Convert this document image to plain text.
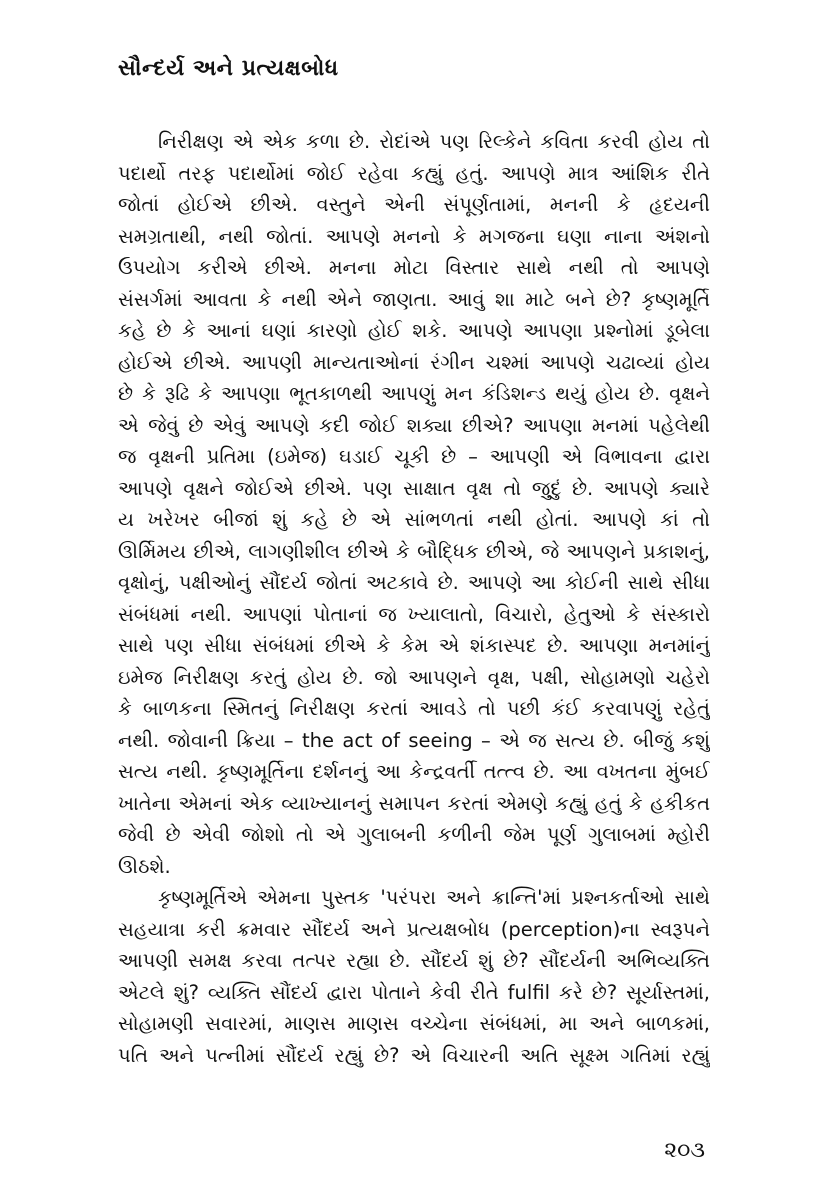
સૌન્દર્ય અને પ્રત્યક્ષબોધ
નિરીક્ષણ એ એક કળા છે. રોદાંએ પણ રિલ્કેને કવિતા કરવી હોય તો
પદાર્થો તરફ પદાર્થોમાં જોઈ રહેવા કહ્યું હતું. આપણે માત્ર આંશિક રીતે
જોતાં હોઈએ છીએ. વસ્તુને એની સંપૂર્ણતામાં, મનની કે હૃદયની
સમગ્રતાથી, નથી જોતાં. આપણે મનનો કે મગજના ઘણા નાના અંશનો
ઉપયોગ કરીએ છીએ. મનના મોટા વિસ્તાર સાથે નથી તો આપણે
સંસર્ગમાં આવતા કે નથી એને જાણતા. આવું શા માટે બને છે? કૃષ્ણમૂર્તિ
કહે છે કે આનાં ઘણાં કારણો હોઈ શકે. આપણે આપણા પ્રશ્નોમાં ડૂબેલા
હોઈએ છીએ. આપણી માન્યતાઓનાં રંગીન ચશ્માં આપણે ચઢાવ્યાં હોય
છે કે રૂઢિ કે આપણા ભૂતકાળથી આપણું મન કંડિશન્ડ થયું હોય છે. વૃક્ષને
એ જેવું છે એવું આપણે કદી જોઈ શક્યા છીએ? આપણા મનમાં પહેલેથી
જ વૃક્ષની પ્રતિમા (ઇમેજ) ઘડાઈ ચૂકી છે – આપણી એ વિભાવના દ્વારા
આપણે વૃક્ષને જોઈએ છીએ. પણ સાક્ષાત વૃક્ષ તો જુદું છે. આપણે ક્યારે
ય ખરેખર બીજાં શું કહે છે એ સાંભળતાં નથી હોતાં. આપણે કાં તો
ઊર્મિમય છીએ, લાગણીશીલ છીએ કે બૌદ્ધિક છીએ, જે આપણને પ્રકાશનું,
વૃક્ષોનું, પક્ષીઓનું સૌંદર્ય જોતાં અટકાવે છે. આપણે આ કોઈની સાથે સીધા
સંબંધમાં નથી. આપણાં પોતાનાં જ ખ્યાલાતો, વિચારો, હેતુઓ કે સંસ્કારો
સાથે પણ સીધા સંબંધમાં છીએ કે કેમ એ શંકાસ્પદ છે. આપણા મનમાંનું
ઇમેજ નિરીક્ષણ કરતું હોય છે. જો આપણને વૃક્ષ, પક્ષી, સોહામણો ચહેરો
કે બાળકના સ્મિતનું નિરીક્ષણ કરતાં આવડે તો પછી કંઈ કરવાપણું રહેતું
નથી. જોવાની ક્રિયા – the act of seeing – એ જ સત્ય છે. બીજું કશું
સત્ય નથી. કૃષ્ણમૂર્તિના દર્શનનું આ કેન્દ્રવર્તી તત્ત્વ છે. આ વખતના મુંબઈ
ખાતેના એમનાં એક વ્યાખ્યાનનું સમાપન કરતાં એમણે કહ્યું હતું કે હકીકત
જેવી છે એવી જોશો તો એ ગુલાબની કળીની જેમ પૂર્ણ ગુલાબમાં મ્હોરી
ઊઠશે.
કૃષ્ણમૂર્તિએ એમના પુસ્તક 'પરંપરા અને ક્રાન્તિ'માં પ્રશ્નકર્તાઓ સાથે
સહયાત્રા કરી ક્રમવાર સૌંદર્ય અને પ્રત્યક્ષબોધ (perception)ના સ્વરૂપને
આપણી સમક્ષ કરવા તત્પર રહ્યા છે. સૌંદર્ય શું છે? સૌંદર્યની અભિવ્યક્તિ
એટલે શું? વ્યક્તિ સૌંદર્ય દ્વારા પોતાને કેવી રીતે fulfil કરે છે? સૂર્યાસ્તમાં,
સોહામણી સવારમાં, માણસ માણસ વચ્ચેના સંબંધમાં, મા અને બાળકમાં,
પતિ અને પત્નીમાં સૌંદર્ય રહ્યું છે? એ વિચારની અતિ સૂક્ષ્મ ગતિમાં રહ્યું
૨૦૩
